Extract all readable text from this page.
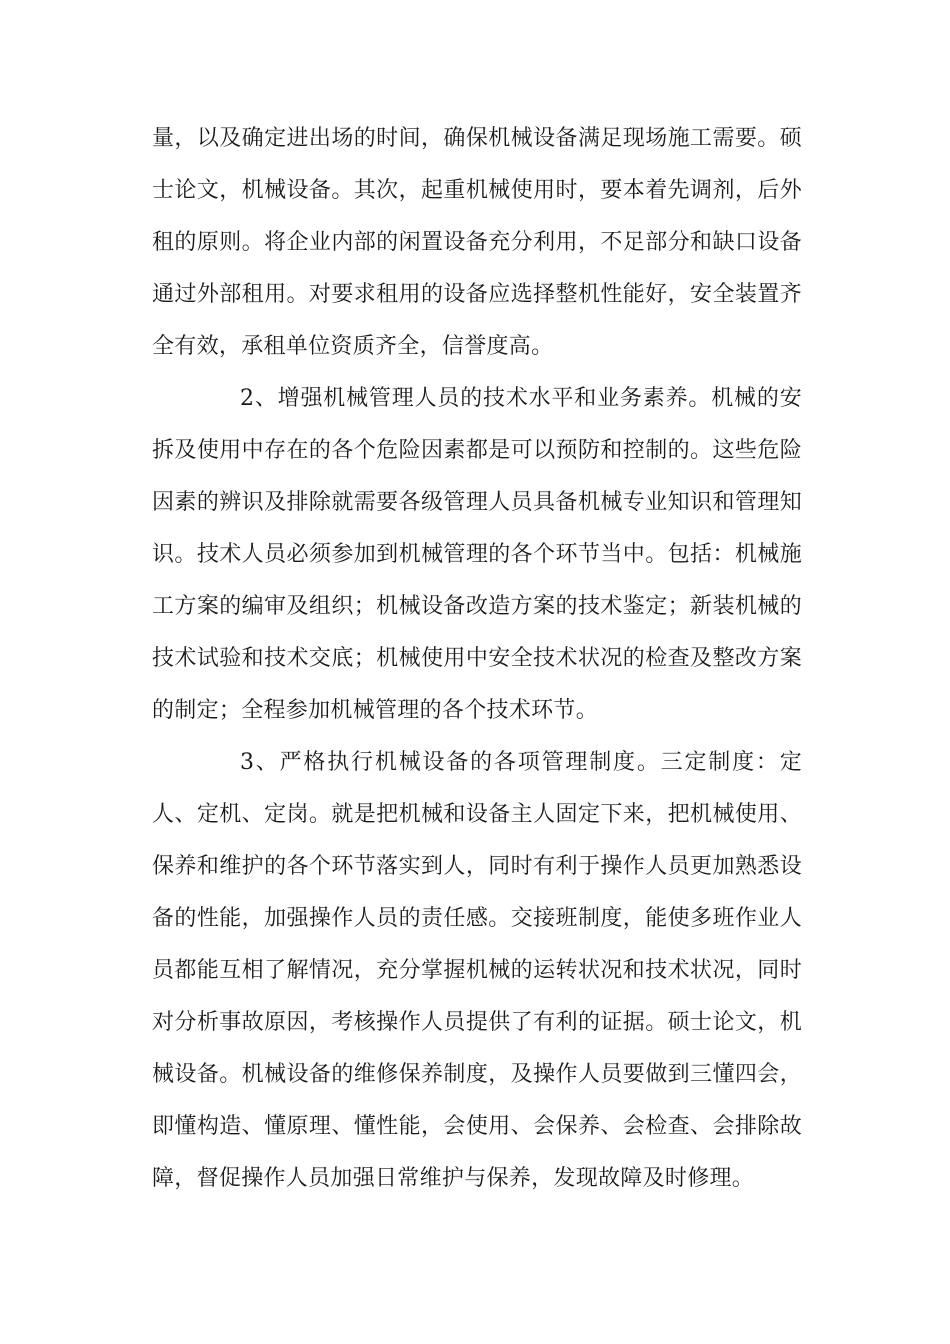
量，以及确定进出场的时间，确保机械设备满足现场施工需要。硕
士论文，机械设备。其次，起重机械使用时，要本着先调剂，后外
租的原则。将企业内部的闲置设备充分利用，不足部分和缺口设备
通过外部租用。对要求租用的设备应选择整机性能好，安全装置齐
全有效，承租单位资质齐全，信誉度高。
2、增强机械管理人员的技术水平和业务素养。机械的安
拆及使用中存在的各个危险因素都是可以预防和控制的。这些危险
因素的辨识及排除就需要各级管理人员具备机械专业知识和管理知
识。技术人员必须参加到机械管理的各个环节当中。包括：机械施
工方案的编审及组织；机械设备改造方案的技术鉴定；新装机械的
技术试验和技术交底；机械使用中安全技术状况的检查及整改方案
的制定；全程参加机械管理的各个技术环节。
3、严格执行机械设备的各项管理制度。三定制度：定
人、定机、定岗。就是把机械和设备主人固定下来，把机械使用、
保养和维护的各个环节落实到人，同时有利于操作人员更加熟悉设
备的性能，加强操作人员的责任感。交接班制度，能使多班作业人
员都能互相了解情况，充分掌握机械的运转状况和技术状况，同时
对分析事故原因，考核操作人员提供了有利的证据。硕士论文，机
械设备。机械设备的维修保养制度，及操作人员要做到三懂四会，
即懂构造、懂原理、懂性能，会使用、会保养、会检查、会排除故
障，督促操作人员加强日常维护与保养，发现故障及时修理。
